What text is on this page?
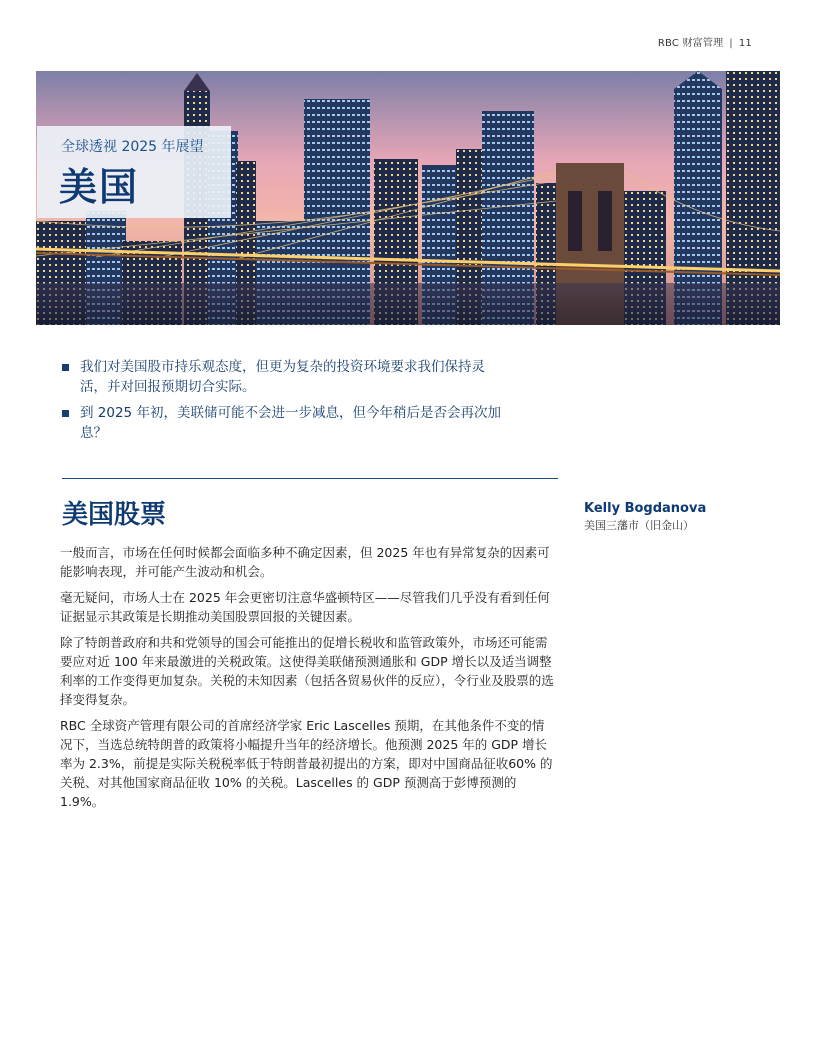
RBC 财富管理 | 11
全球透视 2025 年展望
美国
我们对美国股市持乐观态度，但更为复杂的投资环境要求我们保持灵活，并对回报预期切合实际。
到 2025 年初，美联储可能不会进一步减息，但今年稍后是否会再次加息？
美国股票	Kelly Bogdanova
美国三藩市（旧金山）

一般而言，市场在任何时候都会面临多种不确定因素，但 2025 年也有异常复杂的因素可能影响表现，并可能产生波动和机会。

毫无疑问，市场人士在 2025 年会更密切注意华盛顿特区——尽管我们几乎没有看到任何证据显示其政策是长期推动美国股票回报的关键因素。

除了特朗普政府和共和党领导的国会可能推出的促增长税收和监管政策外，市场还可能需要应对近 100 年来最激进的关税政策。这使得美联储预测通胀和 GDP 增长以及适当调整利率的工作变得更加复杂。关税的未知因素（包括各贸易伙伴的反应），令行业及股票的选择变得复杂。

RBC 全球资产管理有限公司的首席经济学家 Eric Lascelles 预期，在其他条件不变的情况下，当选总统特朗普的政策将小幅提升当年的经济增长。他预测 2025 年的 GDP 增长率为 2.3%，前提是实际关税税率低于特朗普最初提出的方案，即对中国商品征收60% 的关税、对其他国家商品征收 10% 的关税。Lascelles 的 GDP 预测高于彭博预测的 1.9%。
